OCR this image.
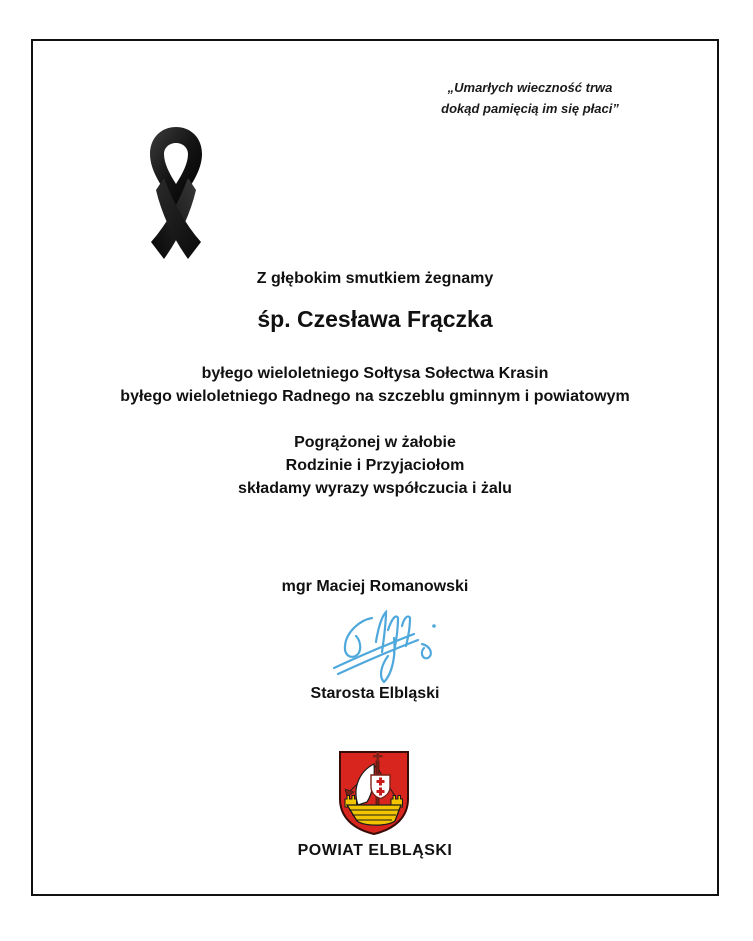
„Umarłych wieczność trwa
dokąd pamięcią im się płaci”
Z głębokim smutkiem żegnamy
śp. Czesława Frączka
byłego wieloletniego Sołtysa Sołectwa Krasin
byłego wieloletniego Radnego na szczeblu gminnym i powiatowym
Pogrążonej w żałobie
Rodzinie i Przyjaciołom
składamy wyrazy współczucia i żalu
mgr Maciej Romanowski
Starosta Elbląski
POWIAT ELBLĄSKI
